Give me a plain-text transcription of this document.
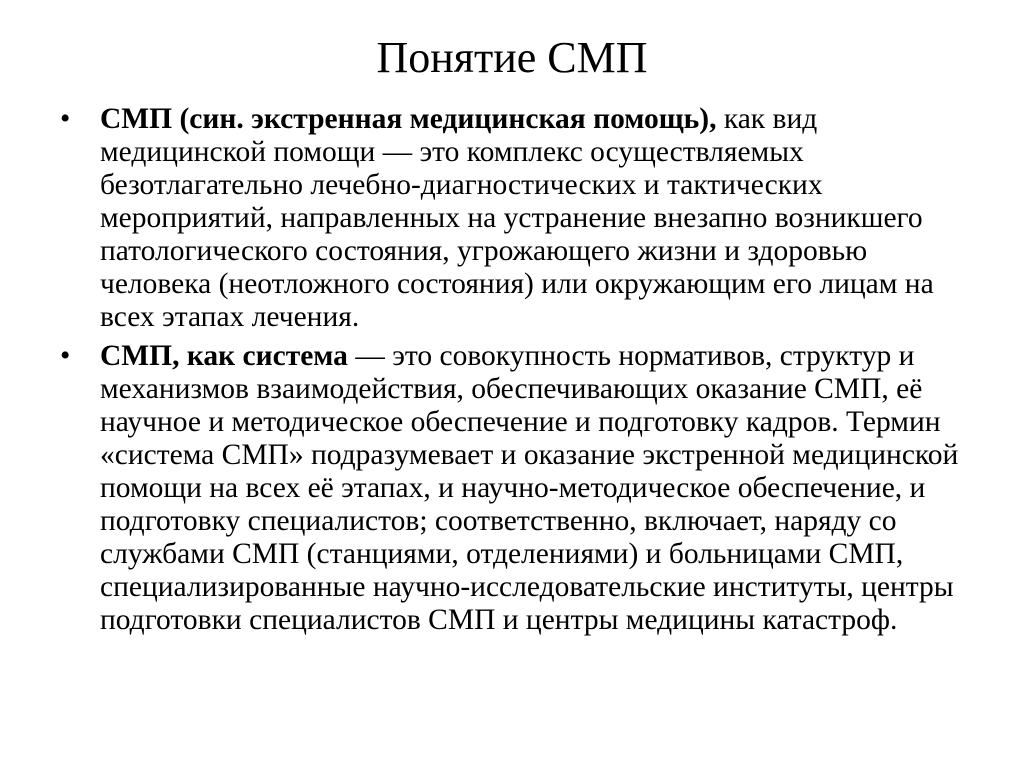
Понятие СМП
•	СМП (син. экстренная медицинская помощь), как вид медицинской помощи — это комплекс осуществляемых безотлагательно лечебно-диагностических и тактических мероприятий, направленных на устранение внезапно возникшего патологического состояния, угрожающего жизни и здоровью человека (неотложного состояния) или окружающим его лицам на всех этапах лечения.
•	СМП, как система — это совокупность нормативов, структур и механизмов взаимодействия, обеспечивающих оказание СМП, её научное и методическое обеспечение и подготовку кадров. Термин «система СМП» подразумевает и оказание экстренной медицинской помощи на всех её этапах, и научно-методическое обеспечение, и подготовку специалистов; соответственно, включает, наряду со службами СМП (станциями, отделениями) и больницами СМП, специализированные научно-исследовательские институты, центры подготовки специалистов СМП и центры медицины катастроф.
